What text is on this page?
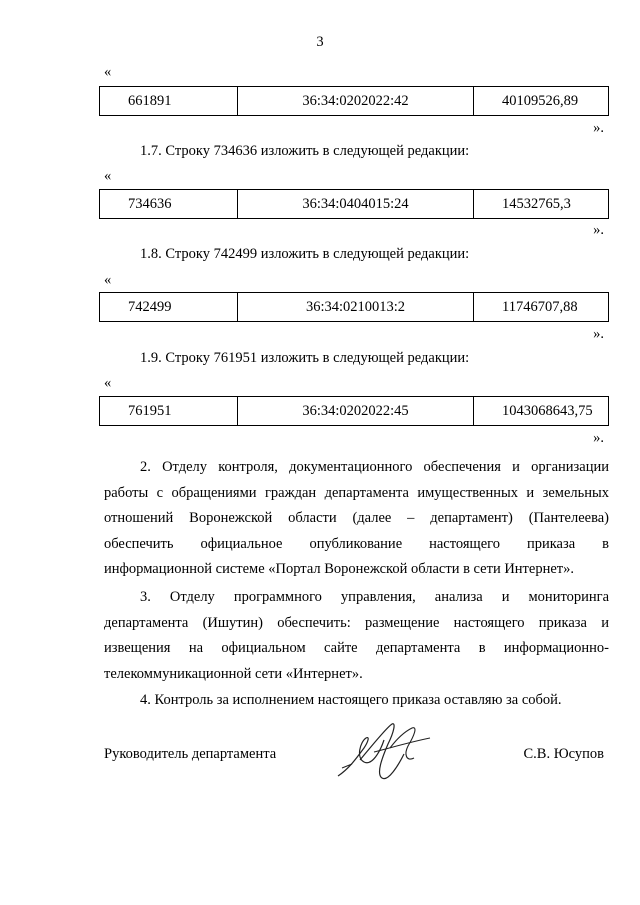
3
«
661891	36:34:0202022:42	40109526,89
».
1.7. Строку 734636 изложить в следующей редакции:
«
734636	36:34:0404015:24	14532765,3
».
1.8. Строку 742499 изложить в следующей редакции:
«
742499	36:34:0210013:2	11746707,88
».
1.9. Строку 761951 изложить в следующей редакции:
«
761951	36:34:0202022:45	1043068643,75
».
2. Отделу контроля, документационного обеспечения и организации
работы с обращениями граждан департамента имущественных и земельных
отношений Воронежской области (далее – департамент) (Пантелеева)
обеспечить официальное опубликование настоящего приказа в
информационной системе «Портал Воронежской области в сети Интернет».
3. Отделу программного управления, анализа и мониторинга
департамента (Ишутин) обеспечить: размещение настоящего приказа и
извещения на официальном сайте департамента в информационно-
телекоммуникационной сети «Интернет».
4. Контроль за исполнением настоящего приказа оставляю за собой.
Руководитель департамента	С.В. Юсупов
